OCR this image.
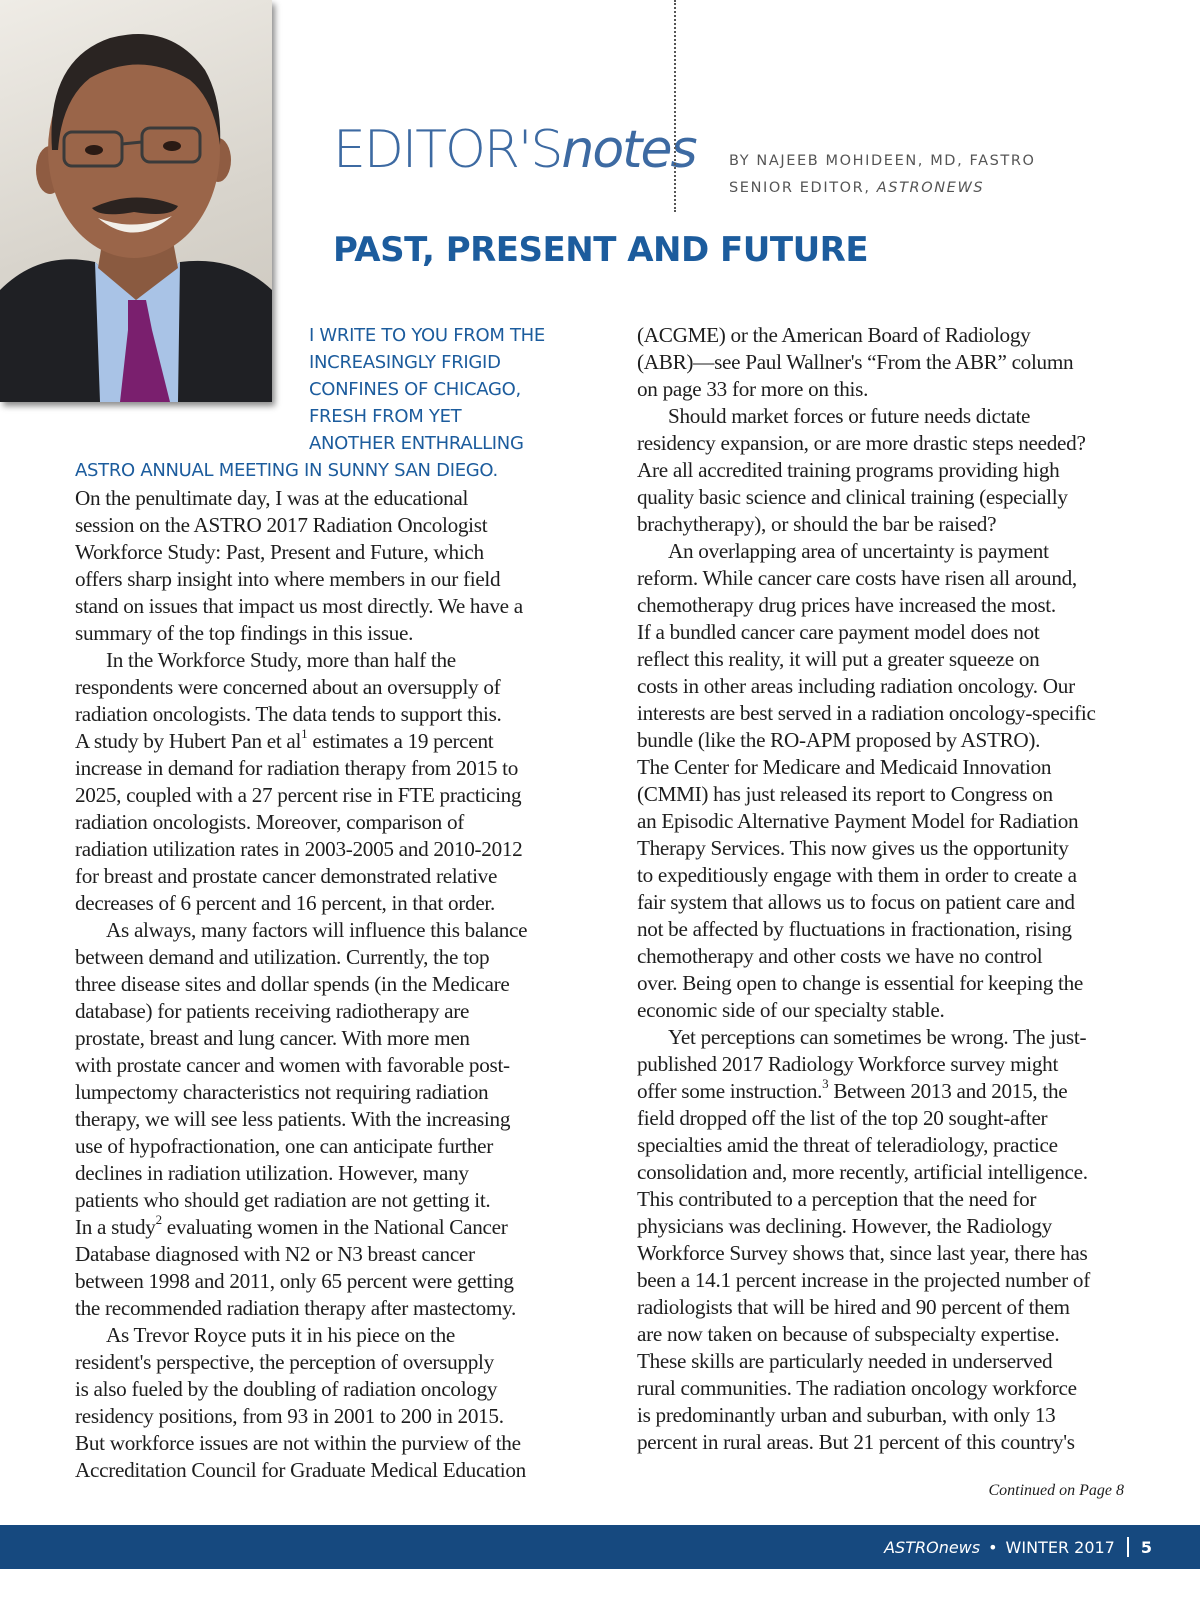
EDITOR'Snotes BY NAJEEB MOHIDEEN, MD, FASTRO
SENIOR EDITOR, ASTRONEWS
PAST, PRESENT AND FUTURE
I WRITE TO YOU FROM THE
INCREASINGLY FRIGID
CONFINES OF CHICAGO,
FRESH FROM YET
ANOTHER ENTHRALLING
ASTRO ANNUAL MEETING IN SUNNY SAN DIEGO.
On the penultimate day, I was at the educational
session on the ASTRO 2017 Radiation Oncologist
Workforce Study: Past, Present and Future, which
offers sharp insight into where members in our field
stand on issues that impact us most directly. We have a
summary of the top findings in this issue.
In the Workforce Study, more than half the
respondents were concerned about an oversupply of
radiation oncologists. The data tends to support this.
A study by Hubert Pan et $al^1$ estimates a 19 percent
increase in demand for radiation therapy from 2015 to
2025, coupled with a 27 percent rise in FTE practicing
radiation oncologists. Moreover, comparison of
radiation utilization rates in 2003-2005 and 2010-2012
for breast and prostate cancer demonstrated relative
decreases of 6 percent and 16 percent, in that order.
As always, many factors will influence this balance
between demand and utilization. Currently, the top
three disease sites and dollar spends (in the Medicare
database) for patients receiving radiotherapy are
prostate, breast and lung cancer. With more men
with prostate cancer and women with favorable post-
lumpectomy characteristics not requiring radiation
therapy, we will see less patients. With the increasing
use of hypofractionation, one can anticipate further
declines in radiation utilization. However, many
patients who should get radiation are not getting it.
In a study$^2$ evaluating women in the National Cancer
Database diagnosed with N2 or N3 breast cancer
between 1998 and 2011, only 65 percent were getting
the recommended radiation therapy after mastectomy.
As Trevor Royce puts it in his piece on the
resident's perspective, the perception of oversupply
is also fueled by the doubling of radiation oncology
residency positions, from 93 in 2001 to 200 in 2015.
But workforce issues are not within the purview of the
Accreditation Council for Graduate Medical Education
(ACGME) or the American Board of Radiology
(ABR)—see Paul Wallner's “From the ABR” column
on page 33 for more on this.
Should market forces or future needs dictate
residency expansion, or are more drastic steps needed?
Are all accredited training programs providing high
quality basic science and clinical training (especially
brachytherapy), or should the bar be raised?
An overlapping area of uncertainty is payment
reform. While cancer care costs have risen all around,
chemotherapy drug prices have increased the most.
If a bundled cancer care payment model does not
reflect this reality, it will put a greater squeeze on
costs in other areas including radiation oncology. Our
interests are best served in a radiation oncology-specific
bundle (like the RO-APM proposed by ASTRO).
The Center for Medicare and Medicaid Innovation
(CMMI) has just released its report to Congress on
an Episodic Alternative Payment Model for Radiation
Therapy Services. This now gives us the opportunity
to expeditiously engage with them in order to create a
fair system that allows us to focus on patient care and
not be affected by fluctuations in fractionation, rising
chemotherapy and other costs we have no control
over. Being open to change is essential for keeping the
economic side of our specialty stable.
Yet perceptions can sometimes be wrong. The just-
published 2017 Radiology Workforce survey might
offer some instruction.$^3$ Between 2013 and 2015, the
field dropped off the list of the top 20 sought-after
specialties amid the threat of teleradiology, practice
consolidation and, more recently, artificial intelligence.
This contributed to a perception that the need for
physicians was declining. However, the Radiology
Workforce Survey shows that, since last year, there has
been a 14.1 percent increase in the projected number of
radiologists that will be hired and 90 percent of them
are now taken on because of subspecialty expertise.
These skills are particularly needed in underserved
rural communities. The radiation oncology workforce
is predominantly urban and suburban, with only 13
percent in rural areas. But 21 percent of this country's
Continued on Page 8
ASTROnews • WINTER 2017 5
